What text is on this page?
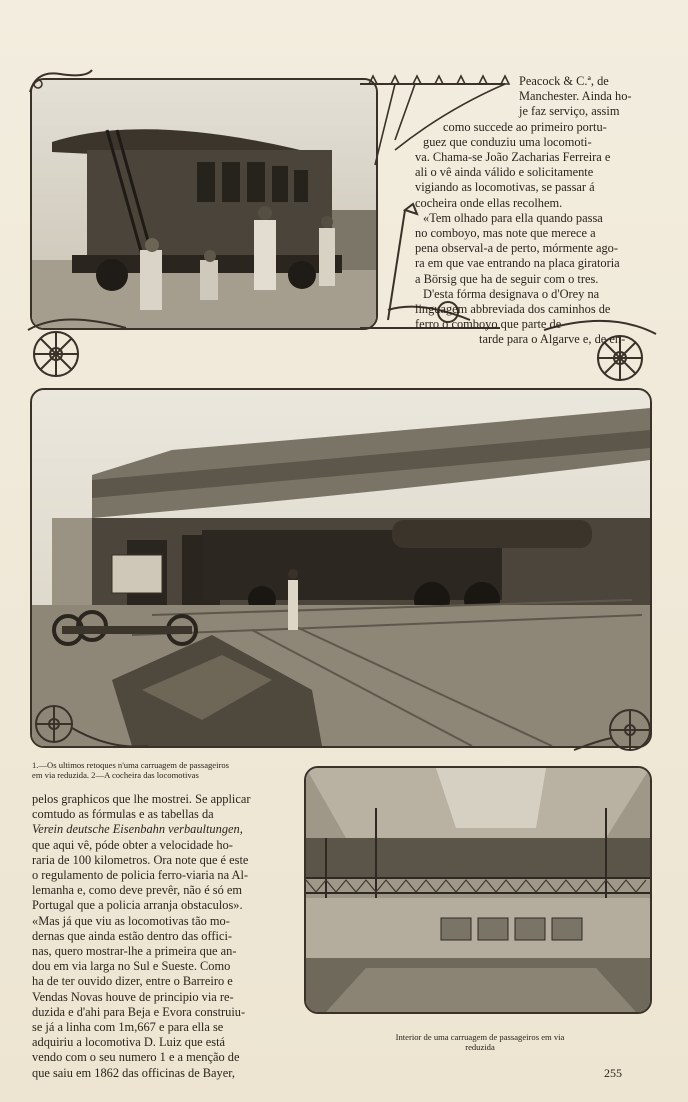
Peacock & C.ª, de

Manchester. Ainda ho-

je faz serviço, assim

como succede ao primeiro portu-

guez que conduziu uma locomoti-

va. Chama-se João Zacharias Ferreira e

ali o vê ainda válido e solicitamente

vigiando as locomotivas, se passar á

cocheira onde ellas recolhem.

«Tem olhado para ella quando passa

no comboyo, mas note que merece a

pena observal-a de perto, mórmente ago-

ra em que vae entrando na placa giratoria

a Börsig que ha de seguir com o tres.

D'esta fórma designava o d'Orey na

linguagem abbreviada dos caminhos de

ferro o comboyo que parte de

tarde para o Algarve e, de en-

1.—Os ultimos retoques n'uma carruagem de passageiros
em via reduzida. 2—A cocheira das locomotivas

pelos graphicos que lhe mostrei. Se applicar

comtudo as fórmulas e as tabellas da

Verein deutsche Eisenbahn verbaultungen,

que aqui vê, póde obter a velocidade ho-

raria de 100 kilometros. Ora note que é este

o regulamento de policia ferro-viaria na Al-

lemanha e, como deve prevêr, não é só em

Portugal que a policia arranja obstaculos».

«Mas já que viu as locomotivas tão mo-

dernas que ainda estão dentro das offici-

nas, quero mostrar-lhe a primeira que an-

dou em via larga no Sul e Sueste. Como

ha de ter ouvido dizer, entre o Barreiro e

Vendas Novas houve de principio via re-

duzida e d'ahi para Beja e Evora construiu-

se já a linha com 1m,667 e para ella se

adquiriu a locomotiva D. Luiz que está

vendo com o seu numero 1 e a menção de

que saiu em 1862 das officinas de Bayer,

Interior de uma carruagem de passageiros em via
reduzida
255
